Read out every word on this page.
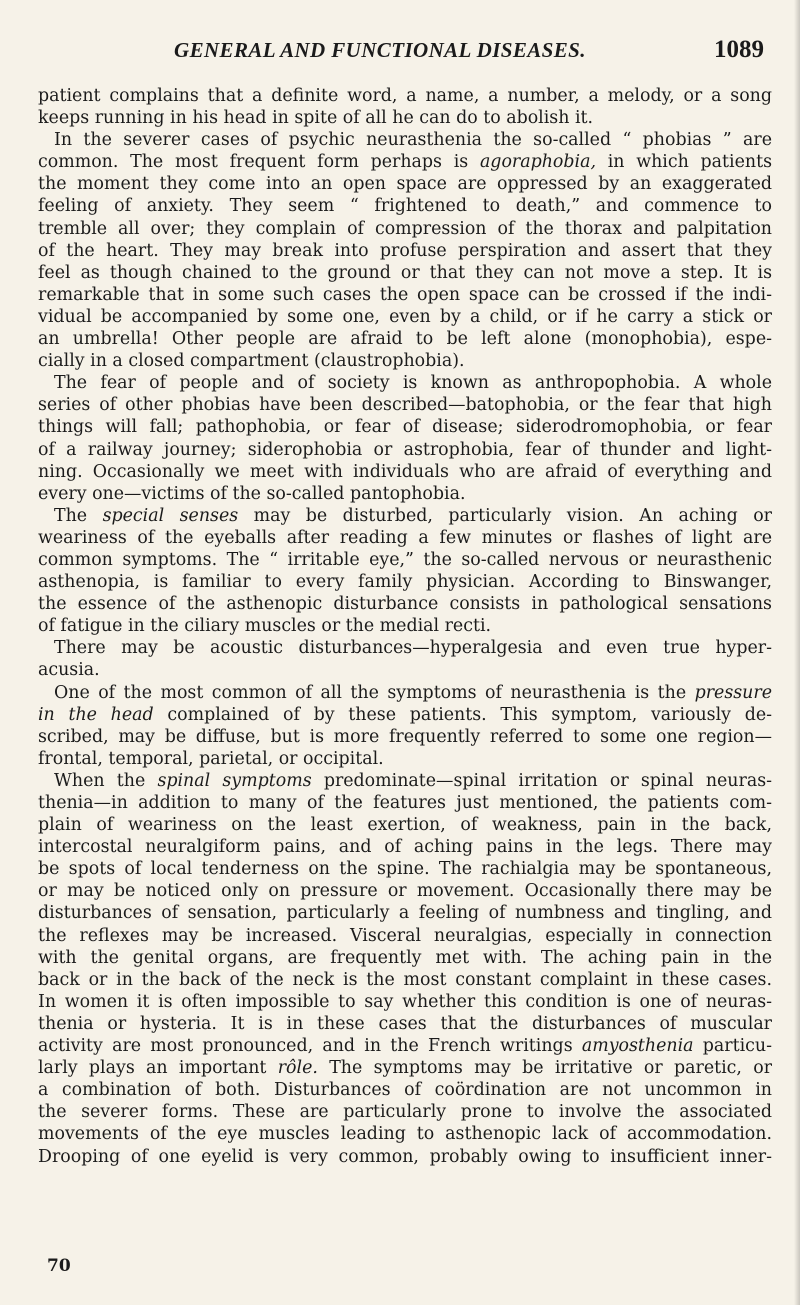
GENERAL AND FUNCTIONAL DISEASES.	1089
patient complains that a definite word, a name, a number, a melody, or a song
keeps running in his head in spite of all he can do to abolish it.
In the severer cases of psychic neurasthenia the so-called “ phobias ” are
common. The most frequent form perhaps is agoraphobia, in which patients
the moment they come into an open space are oppressed by an exaggerated
feeling of anxiety. They seem “ frightened to death,” and commence to
tremble all over; they complain of compression of the thorax and palpitation
of the heart. They may break into profuse perspiration and assert that they
feel as though chained to the ground or that they can not move a step. It is
remarkable that in some such cases the open space can be crossed if the indi-
vidual be accompanied by some one, even by a child, or if he carry a stick or
an umbrella! Other people are afraid to be left alone (monophobia), espe-
cially in a closed compartment (claustrophobia).
The fear of people and of society is known as anthropophobia. A whole
series of other phobias have been described—batophobia, or the fear that high
things will fall; pathophobia, or fear of disease; siderodromophobia, or fear
of a railway journey; siderophobia or astrophobia, fear of thunder and light-
ning. Occasionally we meet with individuals who are afraid of everything and
every one—victims of the so-called pantophobia.
The special senses may be disturbed, particularly vision. An aching or
weariness of the eyeballs after reading a few minutes or flashes of light are
common symptoms. The “ irritable eye,” the so-called nervous or neurasthenic
asthenopia, is familiar to every family physician. According to Binswanger,
the essence of the asthenopic disturbance consists in pathological sensations
of fatigue in the ciliary muscles or the medial recti.
There may be acoustic disturbances—hyperalgesia and even true hyper-
acusia.
One of the most common of all the symptoms of neurasthenia is the pressure
in the head complained of by these patients. This symptom, variously de-
scribed, may be diffuse, but is more frequently referred to some one region—
frontal, temporal, parietal, or occipital.
When the spinal symptoms predominate—spinal irritation or spinal neuras-
thenia—in addition to many of the features just mentioned, the patients com-
plain of weariness on the least exertion, of weakness, pain in the back,
intercostal neuralgiform pains, and of aching pains in the legs. There may
be spots of local tenderness on the spine. The rachialgia may be spontaneous,
or may be noticed only on pressure or movement. Occasionally there may be
disturbances of sensation, particularly a feeling of numbness and tingling, and
the reflexes may be increased. Visceral neuralgias, especially in connection
with the genital organs, are frequently met with. The aching pain in the
back or in the back of the neck is the most constant complaint in these cases.
In women it is often impossible to say whether this condition is one of neuras-
thenia or hysteria. It is in these cases that the disturbances of muscular
activity are most pronounced, and in the French writings amyosthenia particu-
larly plays an important rôle. The symptoms may be irritative or paretic, or
a combination of both. Disturbances of coördination are not uncommon in
the severer forms. These are particularly prone to involve the associated
movements of the eye muscles leading to asthenopic lack of accommodation.
Drooping of one eyelid is very common, probably owing to insufficient inner-
70
